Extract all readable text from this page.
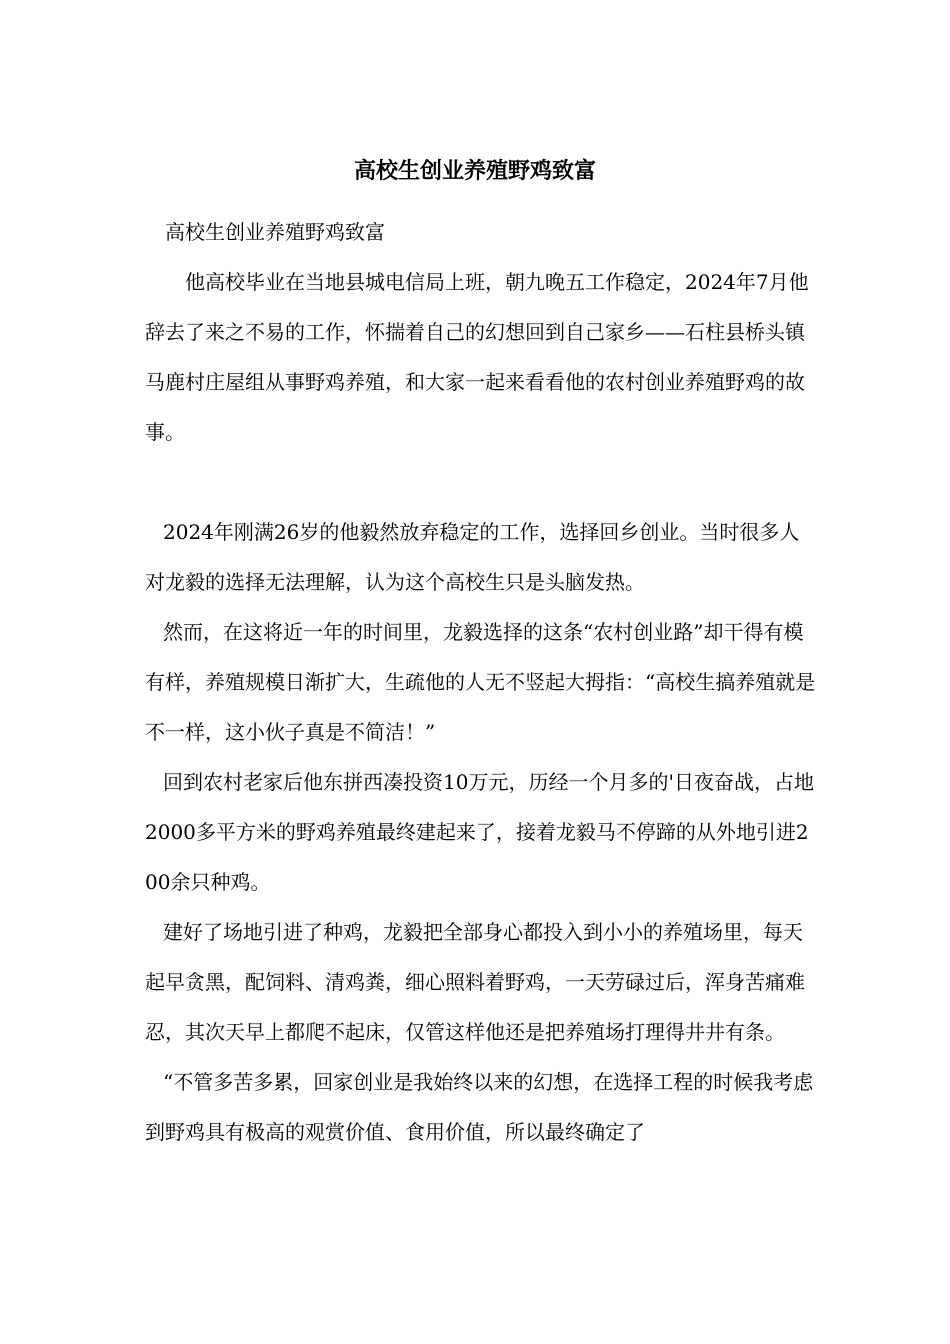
高校生创业养殖野鸡致富

高校生创业养殖野鸡致富

他高校毕业在当地县城电信局上班，朝九晚五工作稳定，2024年7月他辞去了来之不易的工作，怀揣着自己的幻想回到自己家乡——石柱县桥头镇马鹿村庄屋组从事野鸡养殖，和大家一起来看看他的农村创业养殖野鸡的故事。

2024年刚满26岁的他毅然放弃稳定的工作，选择回乡创业。当时很多人对龙毅的选择无法理解，认为这个高校生只是头脑发热。

然而，在这将近一年的时间里，龙毅选择的这条“农村创业路”却干得有模有样，养殖规模日渐扩大，生疏他的人无不竖起大拇指：“高校生搞养殖就是不一样，这小伙子真是不简洁！”

回到农村老家后他东拼西凑投资10万元，历经一个月多的'日夜奋战，占地2000多平方米的野鸡养殖最终建起来了，接着龙毅马不停蹄的从外地引进200余只种鸡。

建好了场地引进了种鸡，龙毅把全部身心都投入到小小的养殖场里，每天起早贪黑，配饲料、清鸡粪，细心照料着野鸡，一天劳碌过后，浑身苦痛难忍，其次天早上都爬不起床，仅管这样他还是把养殖场打理得井井有条。

“不管多苦多累，回家创业是我始终以来的幻想，在选择工程的时候我考虑到野鸡具有极高的观赏价值、食用价值，所以最终确定了
